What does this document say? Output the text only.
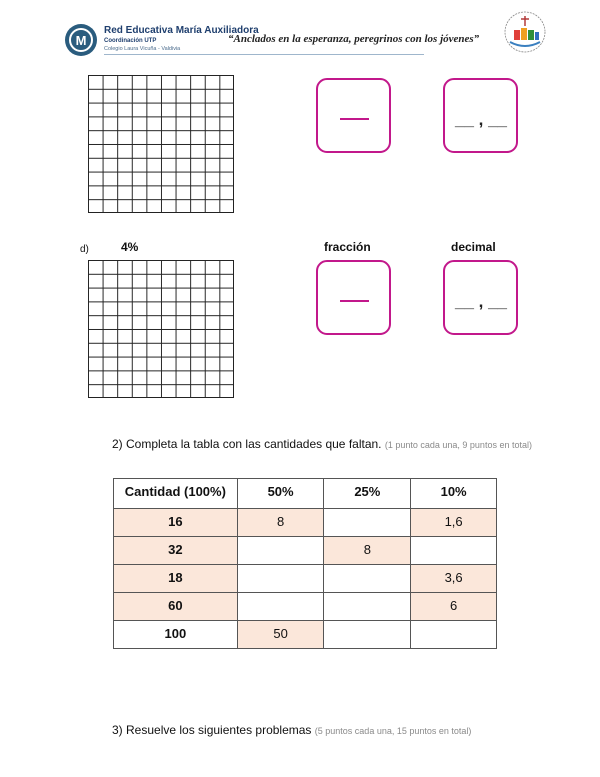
M
Red Educativa María Auxiliadora
Coordinación UTP
Colegio Laura Vicuña - Valdivia
“Anclados en la esperanza, peregrinos con los jóvenes”
__ , __
d)	4%	fracción	decimal
__ , __
2) Completa la tabla con las cantidades que faltan. (1 punto cada una, 9 puntos en total)
Cantidad (100%)	50%	25%	10%
16	8		1,6
32		8	
18			3,6
60			6
100	50		
3) Resuelve los siguientes problemas (5 puntos cada una, 15 puntos en total)
